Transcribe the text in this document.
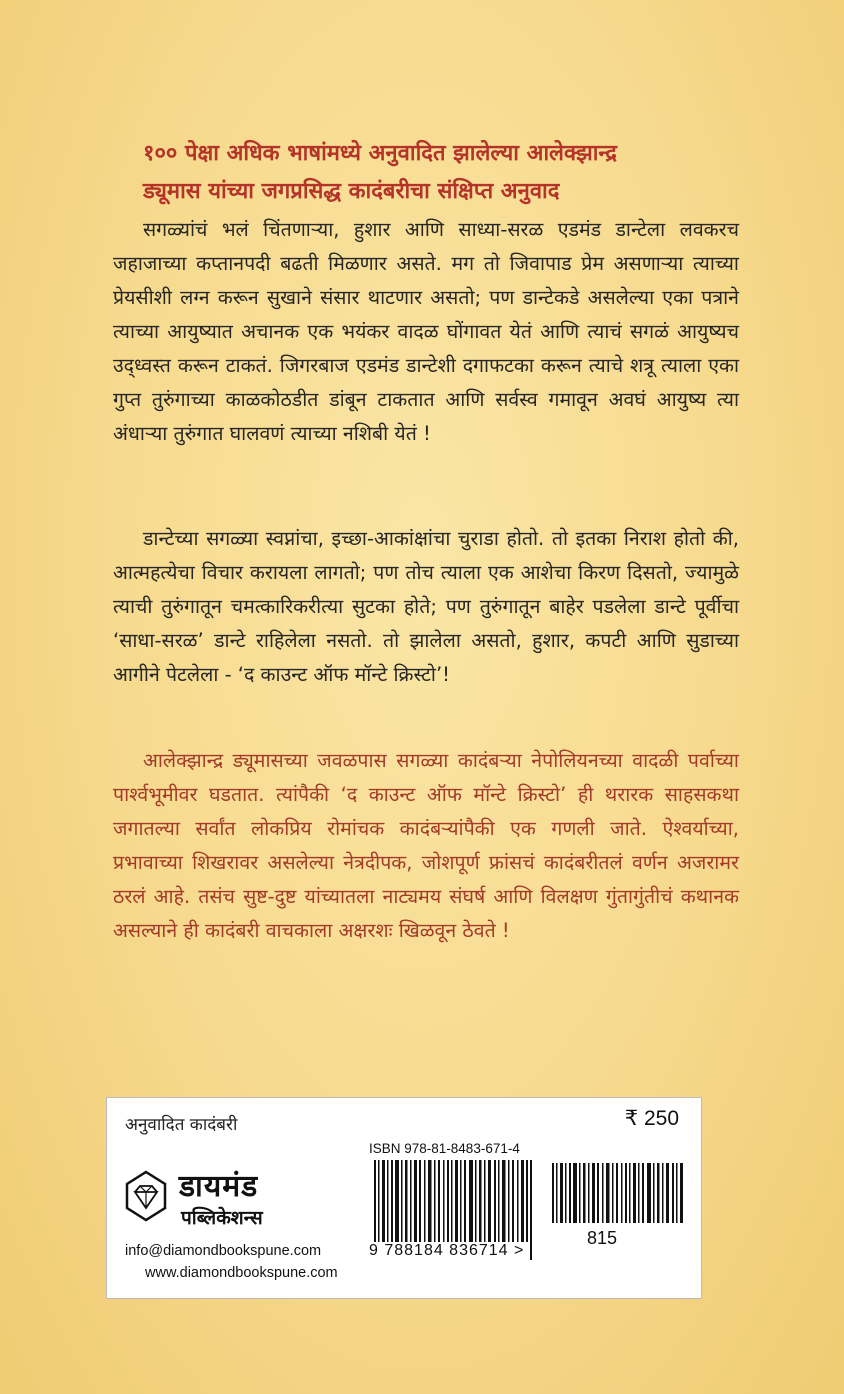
१०० पेक्षा अधिक भाषांमध्ये अनुवादित झालेल्या आलेक्झान्द्र
ड्यूमास यांच्या जगप्रसिद्ध कादंबरीचा संक्षिप्त अनुवाद
सगळ्यांचं भलं चिंतणाऱ्या, हुशार आणि साध्या-सरळ एडमंड डान्टेला लवकरच जहाजाच्या कप्तानपदी बढती मिळणार असते. मग तो जिवापाड प्रेम असणाऱ्या त्याच्या प्रेयसीशी लग्न करून सुखाने संसार थाटणार असतो; पण डान्टेकडे असलेल्या एका पत्राने त्याच्या आयुष्यात अचानक एक भयंकर वादळ घोंगावत येतं आणि त्याचं सगळं आयुष्यच उद्ध्वस्त करून टाकतं. जिगरबाज एडमंड डान्टेशी दगाफटका करून त्याचे शत्रू त्याला एका गुप्त तुरुंगाच्या काळकोठडीत डांबून टाकतात आणि सर्वस्व गमावून अवघं आयुष्य त्या अंधाऱ्या तुरुंगात घालवणं त्याच्या नशिबी येतं !
डान्टेच्या सगळ्या स्वप्नांचा, इच्छा-आकांक्षांचा चुराडा होतो. तो इतका निराश होतो की, आत्महत्येचा विचार करायला लागतो; पण तोच त्याला एक आशेचा किरण दिसतो, ज्यामुळे त्याची तुरुंगातून चमत्कारिकरीत्या सुटका होते; पण तुरुंगातून बाहेर पडलेला डान्टे पूर्वीचा ‘साधा-सरळ’ डान्टे राहिलेला नसतो. तो झालेला असतो, हुशार, कपटी आणि सुडाच्या आगीने पेटलेला - ‘द काउन्ट ऑफ मॉन्टे क्रिस्टो’!
आलेक्झान्द्र ड्यूमासच्या जवळपास सगळ्या कादंबऱ्या नेपोलियनच्या वादळी पर्वाच्या पार्श्वभूमीवर घडतात. त्यांपैकी ‘द काउन्ट ऑफ मॉन्टे क्रिस्टो’ ही थरारक साहसकथा जगातल्या सर्वांत लोकप्रिय रोमांचक कादंबऱ्यांपैकी एक गणली जाते. ऐश्वर्याच्या, प्रभावाच्या शिखरावर असलेल्या नेत्रदीपक, जोशपूर्ण फ्रांसचं कादंबरीतलं वर्णन अजरामर ठरलं आहे. तसंच सुष्ट-दुष्ट यांच्यातला नाट्यमय संघर्ष आणि विलक्षण गुंतागुंतीचं कथानक असल्याने ही कादंबरी वाचकाला अक्षरशः खिळवून ठेवते !
अनुवादित कादंबरी	₹ 250
ISBN 978-81-8483-671-4
9 788184 836714 >
815
डायमंड
पब्लिकेशन्स
info@diamondbookspune.com
www.diamondbookspune.com
